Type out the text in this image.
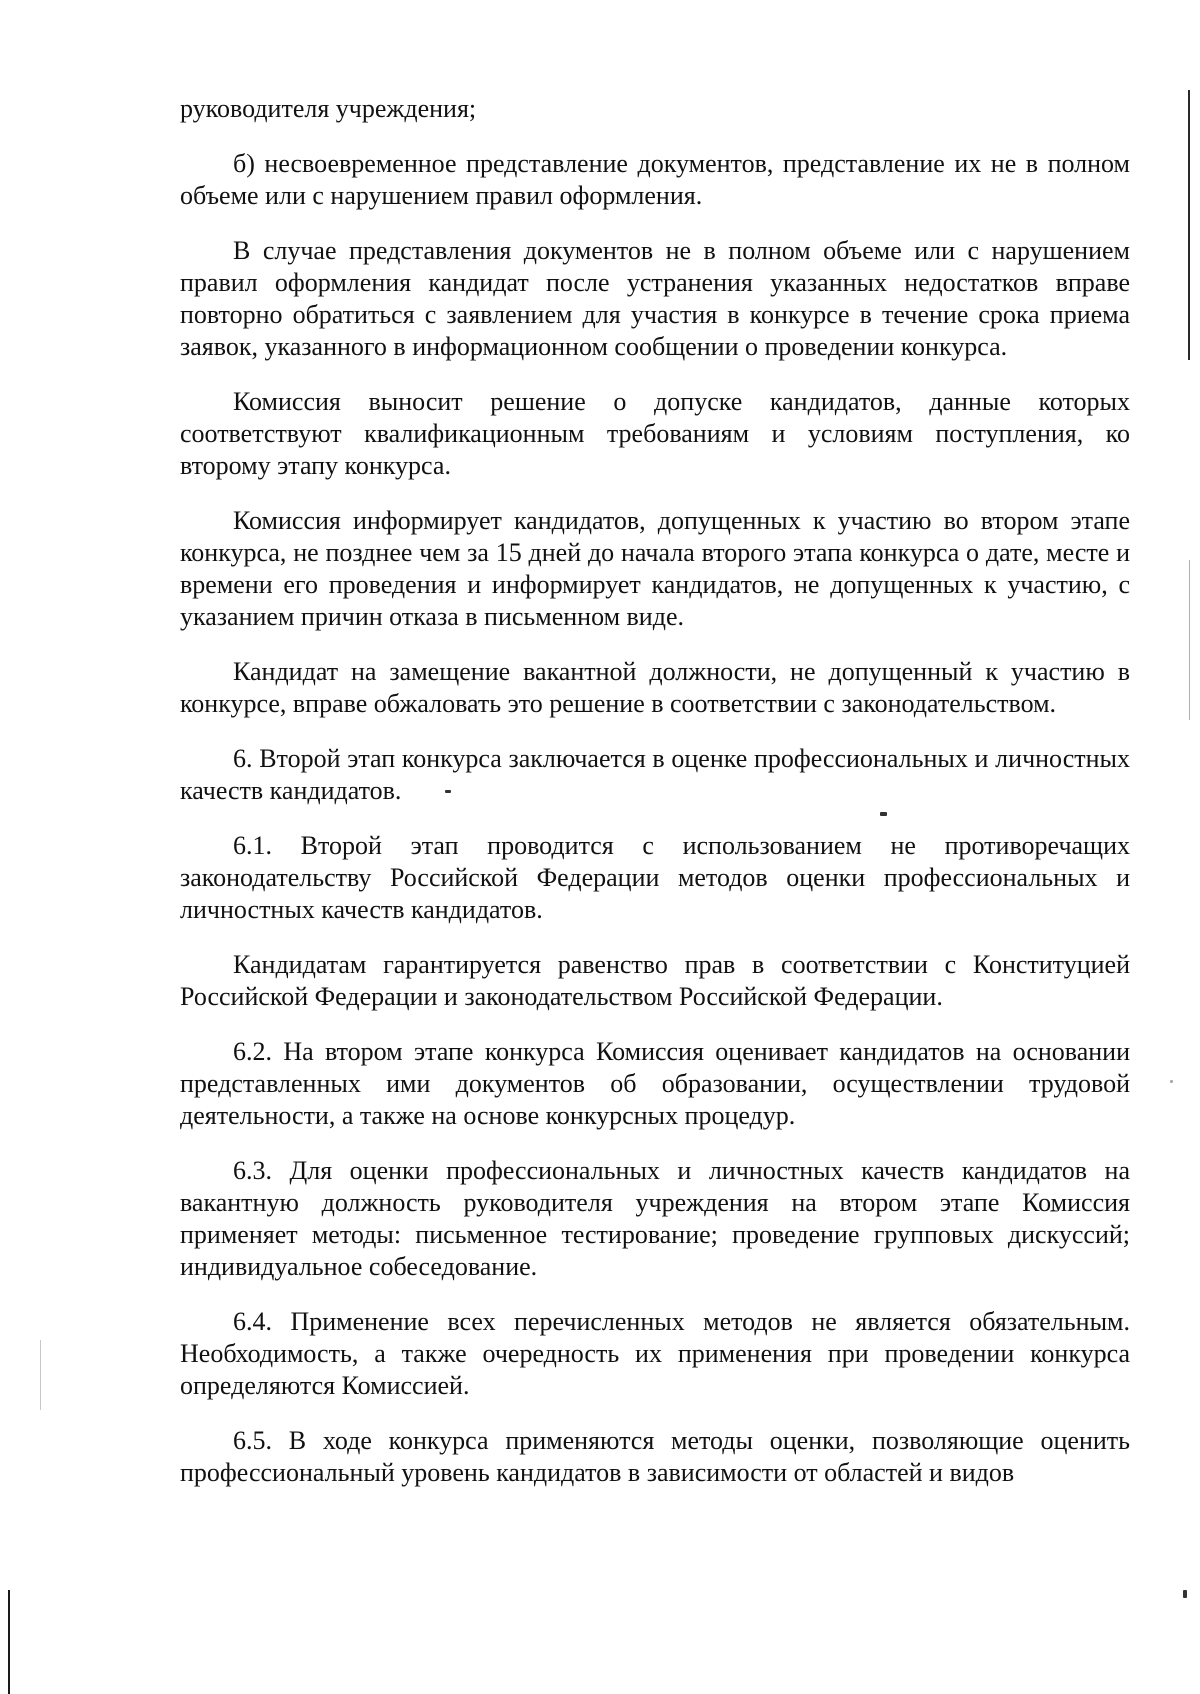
руководителя учреждения;

б) несвоевременное представление документов, представление их не в полном объеме или с нарушением правил оформления.

В случае представления документов не в полном объеме или с нарушением правил оформления кандидат после устранения указанных недостатков вправе повторно обратиться с заявлением для участия в конкурсе в течение срока приема заявок, указанного в информационном сообщении о проведении конкурса.

Комиссия выносит решение о допуске кандидатов, данные которых соответствуют квалификационным требованиям и условиям поступления, ко второму этапу конкурса.

Комиссия информирует кандидатов, допущенных к участию во втором этапе конкурса, не позднее чем за 15 дней до начала второго этапа конкурса о дате, месте и времени его проведения и информирует кандидатов, не допущенных к участию, с указанием причин отказа в письменном виде.

Кандидат на замещение вакантной должности, не допущенный к участию в конкурсе, вправе обжаловать это решение в соответствии с законодательством.

6. Второй этап конкурса заключается в оценке профессиональных и личностных качеств кандидатов.

6.1. Второй этап проводится с использованием не противоречащих законодательству Российской Федерации методов оценки профессиональных и личностных качеств кандидатов.

Кандидатам гарантируется равенство прав в соответствии с Конституцией Российской Федерации и законодательством Российской Федерации.

6.2. На втором этапе конкурса Комиссия оценивает кандидатов на основании представленных ими документов об образовании, осуществлении трудовой деятельности, а также на основе конкурсных процедур.

6.3. Для оценки профессиональных и личностных качеств кандидатов на вакантную должность руководителя учреждения на втором этапе Комиссия применяет методы: письменное тестирование; проведение групповых дискуссий; индивидуальное собеседование.

6.4. Применение всех перечисленных методов не является обязательным. Необходимость, а также очередность их применения при проведении конкурса определяются Комиссией.

6.5. В ходе конкурса применяются методы оценки, позволяющие оценить профессиональный уровень кандидатов в зависимости от областей и видов
